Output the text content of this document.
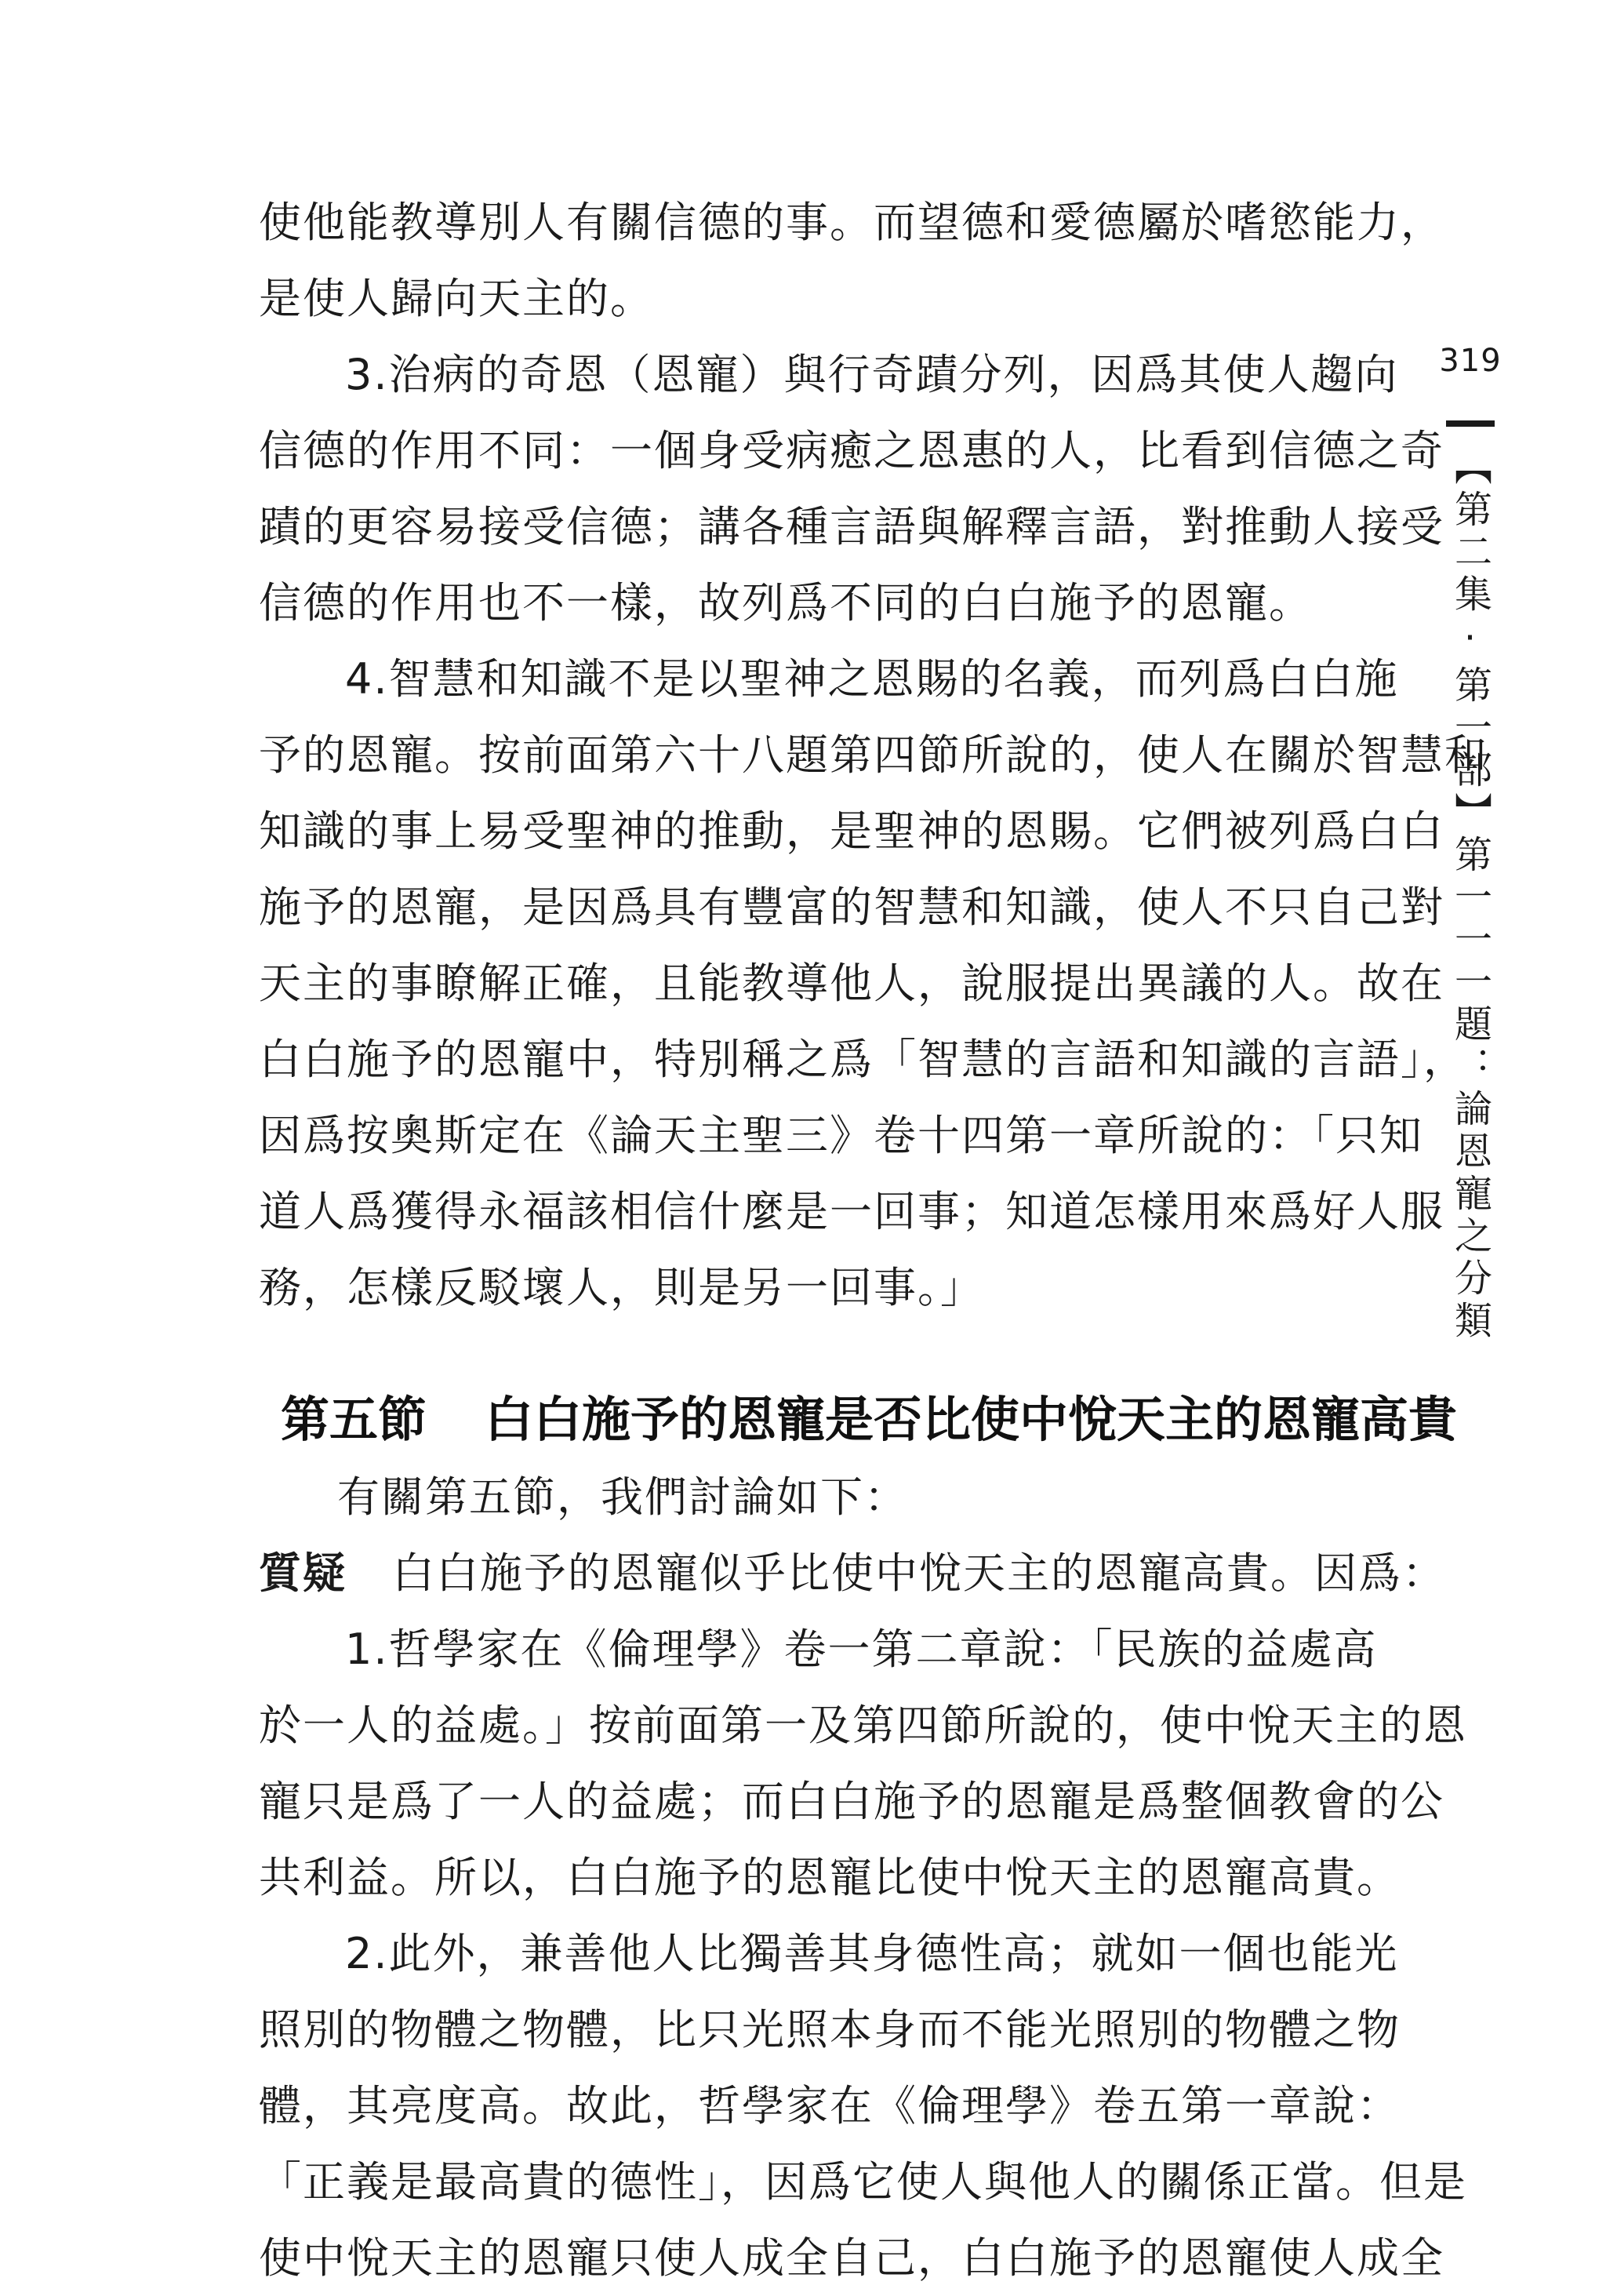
使他能教導別人有關信德的事。而望德和愛德屬於嗜慾能力，
是使人歸向天主的。
3.治病的奇恩（恩寵）與行奇蹟分列，因爲其使人趨向
信德的作用不同：一個身受病癒之恩惠的人，比看到信德之奇
蹟的更容易接受信德；講各種言語與解釋言語，對推動人接受
信德的作用也不一樣，故列爲不同的白白施予的恩寵。
4.智慧和知識不是以聖神之恩賜的名義，而列爲白白施
予的恩寵。按前面第六十八題第四節所說的，使人在關於智慧和
知識的事上易受聖神的推動，是聖神的恩賜。它們被列爲白白
施予的恩寵，是因爲具有豐富的智慧和知識，使人不只自己對
天主的事瞭解正確，且能教導他人，說服提出異議的人。故在
白白施予的恩寵中，特別稱之爲「智慧的言語和知識的言語」，
因爲按奧斯定在《論天主聖三》卷十四第一章所說的：「只知
道人爲獲得永福該相信什麼是一回事；知道怎樣用來爲好人服
務，怎樣反駁壞人，則是另一回事。」
第五節 白白施予的恩寵是否比使中悅天主的恩寵高貴
有關第五節，我們討論如下：
質疑 白白施予的恩寵似乎比使中悅天主的恩寵高貴。因爲：
1.哲學家在《倫理學》卷一第二章說：「民族的益處高
於一人的益處。」按前面第一及第四節所說的，使中悅天主的恩
寵只是爲了一人的益處；而白白施予的恩寵是爲整個教會的公
共利益。所以，白白施予的恩寵比使中悅天主的恩寵高貴。
2.此外，兼善他人比獨善其身德性高；就如一個也能光
照別的物體之物體，比只光照本身而不能光照別的物體之物
體，其亮度高。故此，哲學家在《倫理學》卷五第一章說：
「正義是最高貴的德性」，因爲它使人與他人的關係正當。但是
使中悅天主的恩寵只使人成全自己，白白施予的恩寵使人成全
319
【第二集‧第一部】第一一一題：論恩寵之分類
